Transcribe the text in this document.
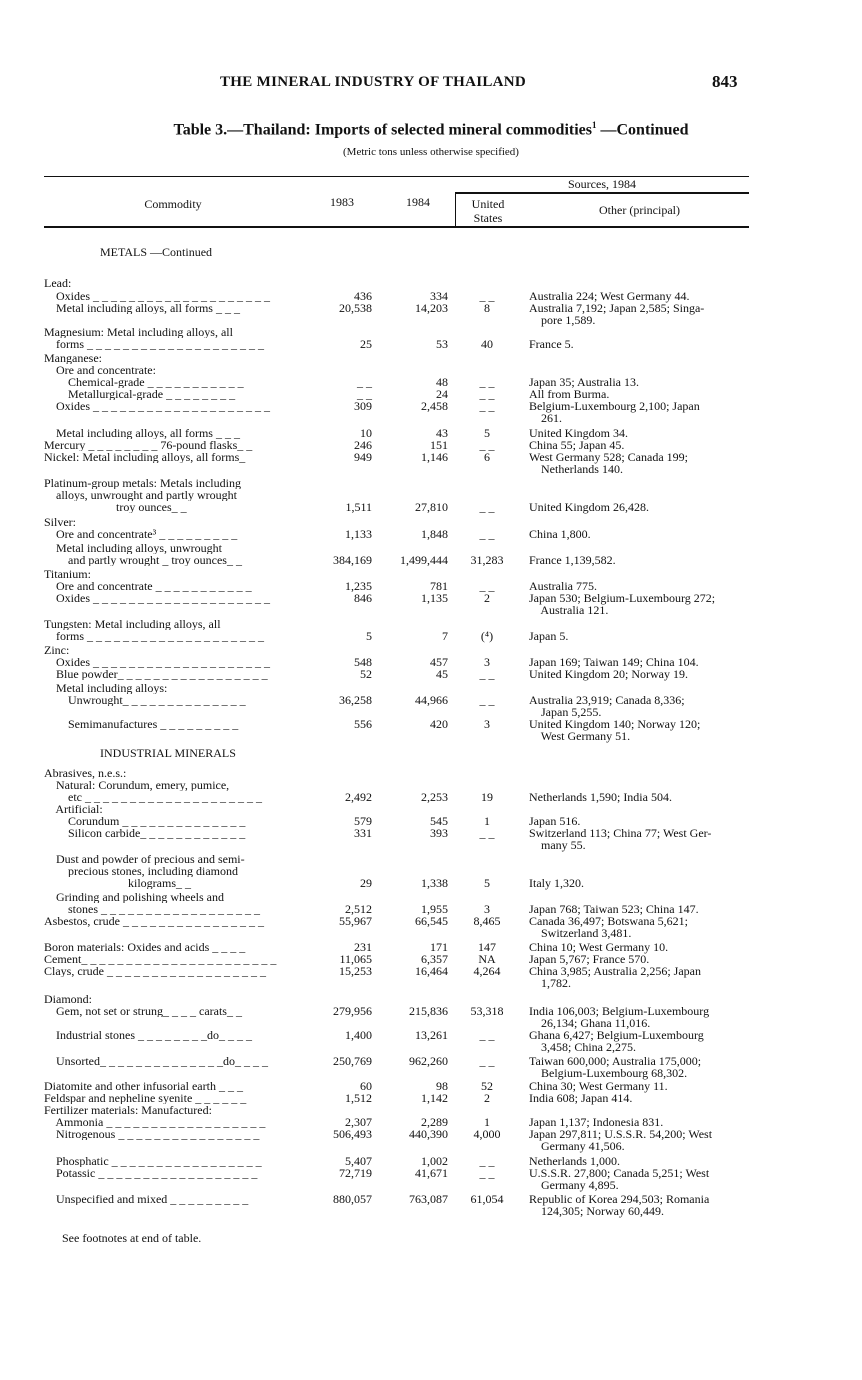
THE MINERAL INDUSTRY OF THAILAND	843
Table 3.—Thailand: Imports of selected mineral commodities$^1$ —Continued
(Metric tons unless otherwise specified)
Commodity	1983	1984
Sources, 1984
United States
Other (principal)
METALS —Continued
Lead:
Oxides _ _ _ _ _ _ _ _ _ _ _ _ _ _ _ _ _ _ _ _	436	334	_ _	Australia 224; West Germany 44.
Metal including alloys, all forms _ _ _	20,538	14,203	8	Australia 7,192; Japan 2,585; Singa-
pore 1,589.
Magnesium: Metal including alloys, all
forms _ _ _ _ _ _ _ _ _ _ _ _ _ _ _ _ _ _ _ _	25	53	40	France 5.
Manganese:
Ore and concentrate:
Chemical-grade _ _ _ _ _ _ _ _ _ _ _	_ _	48	_ _	Japan 35; Australia 13.
Metallurgical-grade _ _ _ _ _ _ _ _	_ _	24	_ _	All from Burma.
Oxides _ _ _ _ _ _ _ _ _ _ _ _ _ _ _ _ _ _ _ _	309	2,458	_ _	Belgium-Luxembourg 2,100; Japan
261.
Metal including alloys, all forms _ _ _	10	43	5	United Kingdom 34.
Mercury _ _ _ _ _ _ _ _ 76-pound flasks_ _	246	151	_ _	China 55; Japan 45.
Nickel: Metal including alloys, all forms_	949	1,146	6	West Germany 528; Canada 199;
Netherlands 140.
Platinum-group metals: Metals including
alloys, unwrought and partly wrought
troy ounces_ _	1,511	27,810	_ _	United Kingdom 26,428.
Silver:
Ore and concentrate³ _ _ _ _ _ _ _ _ _	1,133	1,848	_ _	China 1,800.
Metal including alloys, unwrought
and partly wrought _ troy ounces_ _	384,169	1,499,444	31,283	France 1,139,582.
Titanium:
Ore and concentrate _ _ _ _ _ _ _ _ _ _ _	1,235	781	_ _	Australia 775.
Oxides _ _ _ _ _ _ _ _ _ _ _ _ _ _ _ _ _ _ _ _	846	1,135	2	Japan 530; Belgium-Luxembourg 272;
Australia 121.
Tungsten: Metal including alloys, all
forms _ _ _ _ _ _ _ _ _ _ _ _ _ _ _ _ _ _ _ _	5	7	(⁴)	Japan 5.
Zinc:
Oxides _ _ _ _ _ _ _ _ _ _ _ _ _ _ _ _ _ _ _ _	548	457	3	Japan 169; Taiwan 149; China 104.
Blue powder_ _ _ _ _ _ _ _ _ _ _ _ _ _ _ _ _	52	45	_ _	United Kingdom 20; Norway 19.
Metal including alloys:
Unwrought_ _ _ _ _ _ _ _ _ _ _ _ _ _	36,258	44,966	_ _	Australia 23,919; Canada 8,336;
Japan 5,255.
Semimanufactures _ _ _ _ _ _ _ _ _	556	420	3	United Kingdom 140; Norway 120;
West Germany 51.
INDUSTRIAL MINERALS
Abrasives, n.e.s.:
Natural: Corundum, emery, pumice,
etc _ _ _ _ _ _ _ _ _ _ _ _ _ _ _ _ _ _ _ _	2,492	2,253	19	Netherlands 1,590; India 504.
Artificial:
Corundum _ _ _ _ _ _ _ _ _ _ _ _ _ _	579	545	1	Japan 516.
Silicon carbide_ _ _ _ _ _ _ _ _ _ _ _	331	393	_ _	Switzerland 113; China 77; West Ger-
many 55.
Dust and powder of precious and semi-
precious stones, including diamond
kilograms_ _	29	1,338	5	Italy 1,320.
Grinding and polishing wheels and
stones _ _ _ _ _ _ _ _ _ _ _ _ _ _ _ _ _ _	2,512	1,955	3	Japan 768; Taiwan 523; China 147.
Asbestos, crude _ _ _ _ _ _ _ _ _ _ _ _ _ _ _ _	55,967	66,545	8,465	Canada 36,497; Botswana 5,621;
Switzerland 3,481.
Boron materials: Oxides and acids _ _ _ _	231	171	147	China 10; West Germany 10.
Cement_ _ _ _ _ _ _ _ _ _ _ _ _ _ _ _ _ _ _ _ _ _	11,065	6,357	NA	Japan 5,767; France 570.
Clays, crude _ _ _ _ _ _ _ _ _ _ _ _ _ _ _ _ _ _	15,253	16,464	4,264	China 3,985; Australia 2,256; Japan
1,782.
Diamond:
Gem, not set or strung_ _ _ _ carats_ _	279,956	215,836	53,318	India 106,003; Belgium-Luxembourg
26,134; Ghana 11,016.
Industrial stones _ _ _ _ _ _ _ _do_ _ _ _	1,400	13,261	_ _	Ghana 6,427; Belgium-Luxembourg
3,458; China 2,275.
Unsorted_ _ _ _ _ _ _ _ _ _ _ _ _ _do_ _ _ _	250,769	962,260	_ _	Taiwan 600,000; Australia 175,000;
Belgium-Luxembourg 68,302.
Diatomite and other infusorial earth _ _ _	60	98	52	China 30; West Germany 11.
Feldspar and nepheline syenite _ _ _ _ _ _	1,512	1,142	2	India 608; Japan 414.
Fertilizer materials: Manufactured:
Ammonia _ _ _ _ _ _ _ _ _ _ _ _ _ _ _ _ _ _	2,307	2,289	1	Japan 1,137; Indonesia 831.
Nitrogenous _ _ _ _ _ _ _ _ _ _ _ _ _ _ _ _	506,493	440,390	4,000	Japan 297,811; U.S.S.R. 54,200; West
Germany 41,506.
Phosphatic _ _ _ _ _ _ _ _ _ _ _ _ _ _ _ _ _	5,407	1,002	_ _	Netherlands 1,000.
Potassic _ _ _ _ _ _ _ _ _ _ _ _ _ _ _ _ _ _	72,719	41,671	_ _	U.S.S.R. 27,800; Canada 5,251; West
Germany 4,895.
Unspecified and mixed _ _ _ _ _ _ _ _ _	880,057	763,087	61,054	Republic of Korea 294,503; Romania
124,305; Norway 60,449.
See footnotes at end of table.
